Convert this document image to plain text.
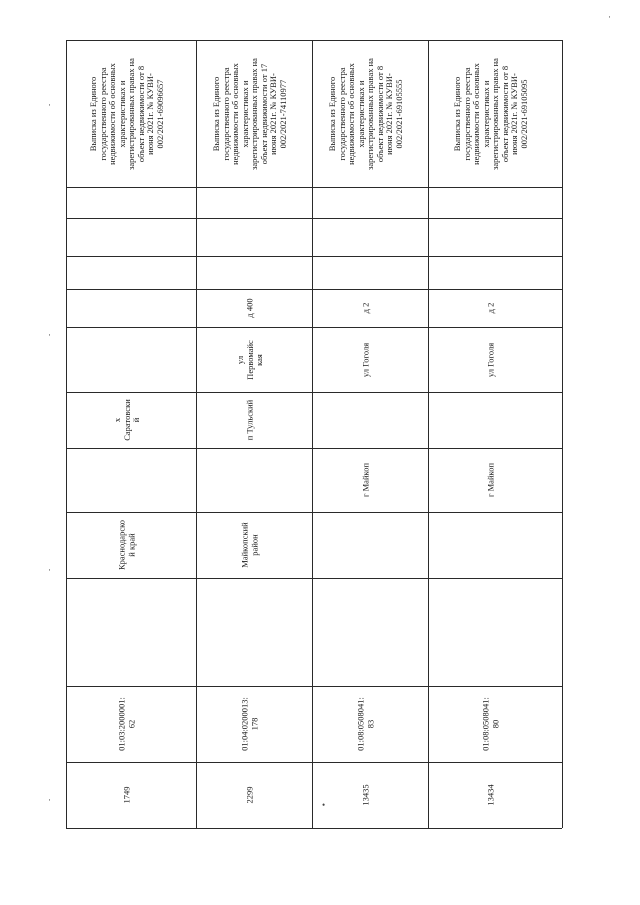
Выписка из Единого
государственного реестра
недвижимости об основных
характеристиках и
зарегистрированных правах на
объект недвижимости от 8
июня 2021г. № КУВИ-
002/2021-69096657
х
Саратовски
й
Краснодарско
й край
01:03:2000001:
62
1749
Выписка из Единого
государственного реестра
недвижимости об основных
характеристиках и
зарегистрированных правах на
объект недвижимости от 17
июня 2021г. № КУВИ-
002/2021-74110977
д 400
ул
Первомайс
кая
п Тульский
Майкопский
район
01:04:0200013:
178
2299
Выписка из Единого
государственного реестра
недвижимости об основных
характеристиках и
зарегистрированных правах на
объект недвижимости от 8
июня 2021г. № КУВИ-
002/2021-69105555
д 2
ул Гоголя
г Майкоп
01:08:0508041:
83
13435
Выписка из Единого
государственного реестра
недвижимости об основных
характеристиках и
зарегистрированных правах на
объект недвижимости от 8
июня 2021г. № КУВИ-
002/2021-69105095
д 2
ул Гоголя
г Майкоп
01:08:0508041:
80
13434
·
·
·
·
·
•
